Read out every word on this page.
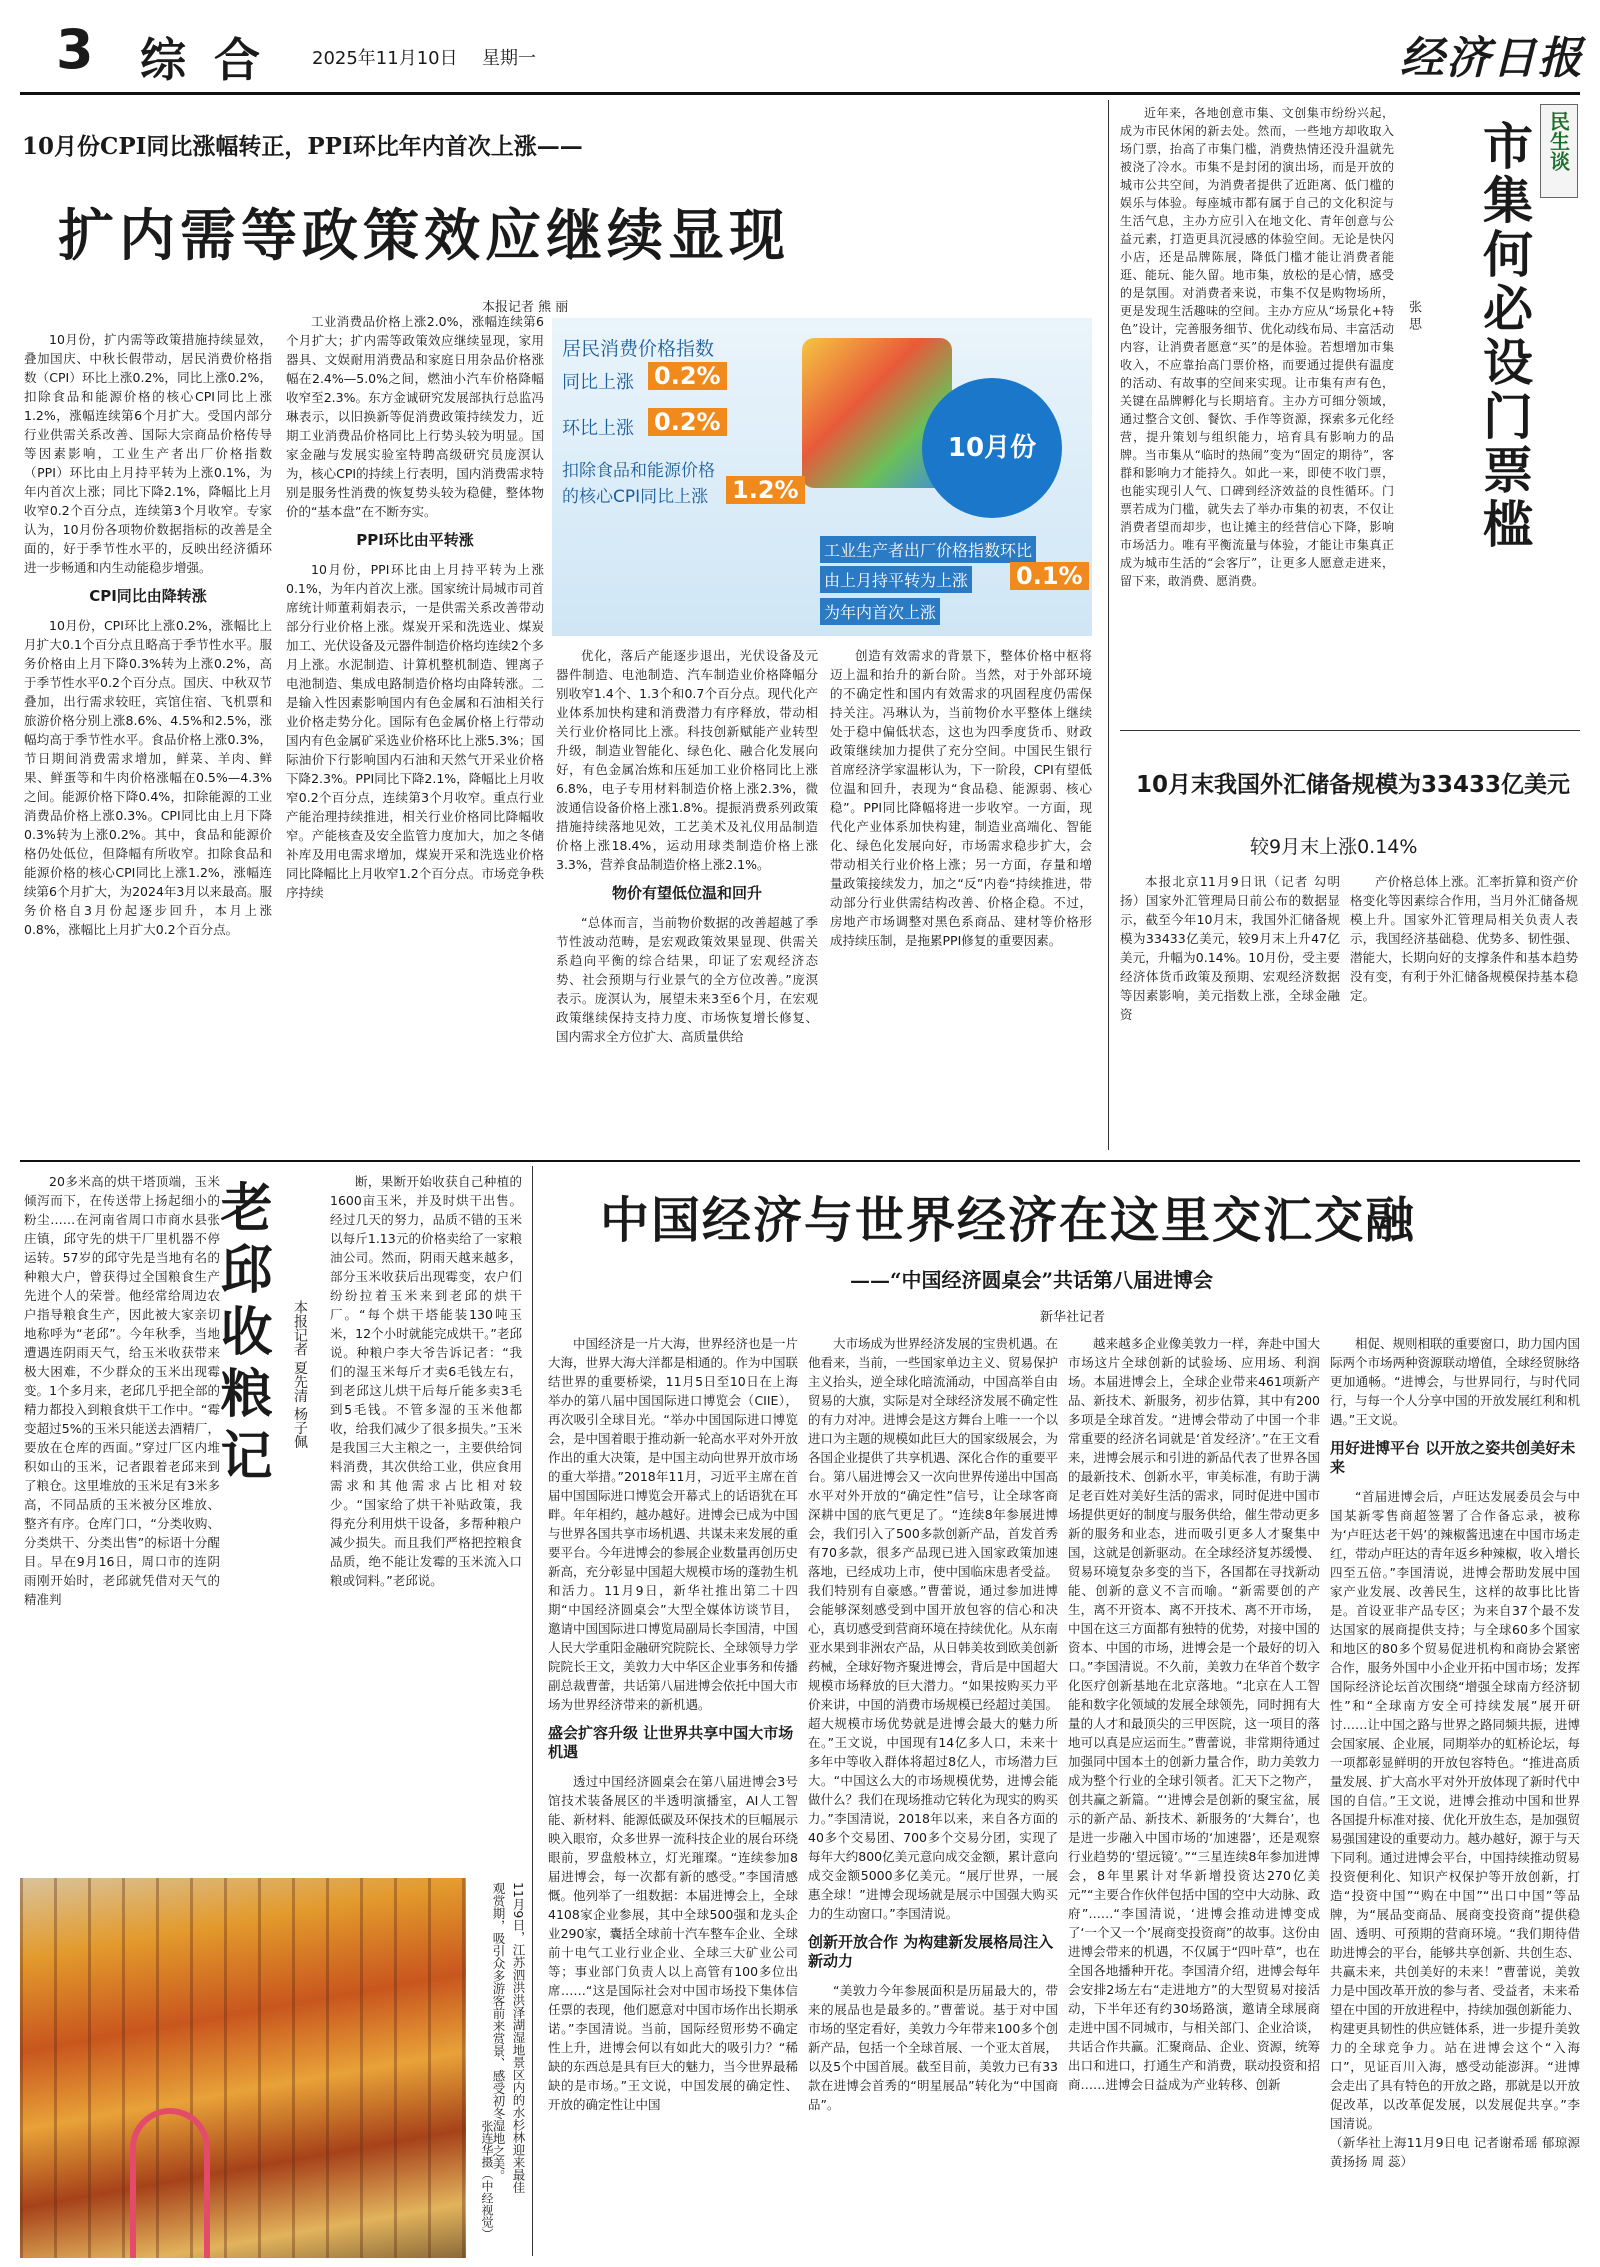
3 综 合	2025年11月10日 星期一	经济日报
10月份CPI同比涨幅转正，PPI环比年内首次上涨——
扩内需等政策效应继续显现
本报记者 熊 丽

10月份，扩内需等政策措施持续显效，叠加国庆、中秋长假带动，居民消费价格指数（CPI）环比上涨0.2%，同比上涨0.2%，扣除食品和能源价格的核心CPI同比上涨1.2%，涨幅连续第6个月扩大。受国内部分行业供需关系改善、国际大宗商品价格传导等因素影响，工业生产者出厂价格指数（PPI）环比由上月持平转为上涨0.1%，为年内首次上涨；同比下降2.1%，降幅比上月收窄0.2个百分点，连续第3个月收窄。专家认为，10月份各项物价数据指标的改善是全面的，好于季节性水平的，反映出经济循环进一步畅通和内生动能稳步增强。

CPI同比由降转涨

10月份，CPI环比上涨0.2%，涨幅比上月扩大0.1个百分点且略高于季节性水平。服务价格由上月下降0.3%转为上涨0.2%，高于季节性水平0.2个百分点。国庆、中秋双节叠加，出行需求较旺，宾馆住宿、飞机票和旅游价格分别上涨8.6%、4.5%和2.5%，涨幅均高于季节性水平。食品价格上涨0.3%，节日期间消费需求增加，鲜菜、羊肉、鲜果、鲜蛋等和牛肉价格涨幅在0.5%—4.3%之间。能源价格下降0.4%，扣除能源的工业消费品价格上涨0.3%。CPI同比由上月下降0.3%转为上涨0.2%。其中，食品和能源价格仍处低位，但降幅有所收窄。扣除食品和能源价格的核心CPI同比上涨1.2%，涨幅连续第6个月扩大，为2024年3月以来最高。服务价格自3月份起逐步回升，本月上涨0.8%，涨幅比上月扩大0.2个百分点。

工业消费品价格上涨2.0%，涨幅连续第6个月扩大；扩内需等政策效应继续显现，家用器具、文娱耐用消费品和家庭日用杂品价格涨幅在2.4%—5.0%之间，燃油小汽车价格降幅收窄至2.3%。东方金诚研究发展部执行总监冯琳表示，以旧换新等促消费政策持续发力，近期工业消费品价格同比上行势头较为明显。国家金融与发展实验室特聘高级研究员庞溟认为，核心CPI的持续上行表明，国内消费需求特别是服务性消费的恢复势头较为稳健，整体物价的“基本盘”在不断夯实。

PPI环比由平转涨

10月份，PPI环比由上月持平转为上涨0.1%，为年内首次上涨。国家统计局城市司首席统计师董莉娟表示，一是供需关系改善带动部分行业价格上涨。煤炭开采和洗选业、煤炭加工、光伏设备及元器件制造价格均连续2个多月上涨。水泥制造、计算机整机制造、锂离子电池制造、集成电路制造价格均由降转涨。二是输入性因素影响国内有色金属和石油相关行业价格走势分化。国际有色金属价格上行带动国内有色金属矿采选业价格环比上涨5.3%；国际油价下行影响国内石油和天然气开采业价格下降2.3%。PPI同比下降2.1%，降幅比上月收窄0.2个百分点，连续第3个月收窄。重点行业产能治理持续推进，相关行业价格同比降幅收窄。产能核查及安全监管力度加大，加之冬储补库及用电需求增加，煤炭开采和洗选业价格同比降幅比上月收窄1.2个百分点。市场竞争秩序持续

10月份
居民消费价格指数
同比上涨 0.2%
环比上涨 0.2%
扣除食品和能源价格
的核心CPI同比上涨 1.2%
工业生产者出厂价格指数环比
由上月持平转为上涨 0.1%
为年内首次上涨

优化，落后产能逐步退出，光伏设备及元器件制造、电池制造、汽车制造业价格降幅分别收窄1.4个、1.3个和0.7个百分点。现代化产业体系加快构建和消费潜力有序释放，带动相关行业价格同比上涨。科技创新赋能产业转型升级，制造业智能化、绿色化、融合化发展向好，有色金属冶炼和压延加工业价格同比上涨6.8%，电子专用材料制造价格上涨2.3%，微波通信设备价格上涨1.8%。提振消费系列政策措施持续落地见效，工艺美术及礼仪用品制造价格上涨18.4%，运动用球类制造价格上涨3.3%，营养食品制造价格上涨2.1%。

物价有望低位温和回升

“总体而言，当前物价数据的改善超越了季节性波动范畴，是宏观政策效果显现、供需关系趋向平衡的综合结果，印证了宏观经济态势、社会预期与行业景气的全方位改善。”庞溟表示。庞溟认为，展望未来3至6个月，在宏观政策继续保持支持力度、市场恢复增长修复、国内需求全方位扩大、高质量供给

创造有效需求的背景下，整体价格中枢将迈上温和抬升的新台阶。当然，对于外部环境的不确定性和国内有效需求的巩固程度仍需保持关注。冯琳认为，当前物价水平整体上继续处于稳中偏低状态，这也为四季度货币、财政政策继续加力提供了充分空间。中国民生银行首席经济学家温彬认为，下一阶段，CPI有望低位温和回升，表现为“食品稳、能源弱、核心稳”。PPI同比降幅将进一步收窄。一方面，现代化产业体系加快构建，制造业高端化、智能化、绿色化发展向好，市场需求稳步扩大，会带动相关行业价格上涨；另一方面，存量和增量政策接续发力，加之“反”内卷“持续推进，带动部分行业供需结构改善、价格企稳。不过，房地产市场调整对黑色系商品、建材等价格形成持续压制，是拖累PPI修复的重要因素。

近年来，各地创意市集、文创集市纷纷兴起，成为市民休闲的新去处。然而，一些地方却收取入场门票，抬高了市集门槛，消费热情还没升温就先被浇了冷水。市集不是封闭的演出场，而是开放的城市公共空间，为消费者提供了近距离、低门槛的娱乐与体验。每座城市都有属于自己的文化积淀与生活气息，主办方应引入在地文化、青年创意与公益元素，打造更具沉浸感的体验空间。无论是快闪小店，还是品牌陈展，降低门槛才能让消费者能逛、能玩、能久留。地市集，放松的是心情，感受的是氛围。对消费者来说，市集不仅是购物场所，更是发现生活趣味的空间。主办方应从“场景化+特色”设计，完善服务细节、优化动线布局、丰富活动内容，让消费者愿意“买”的是体验。若想增加市集收入，不应靠抬高门票价格，而要通过提供有温度的活动、有故事的空间来实现。让市集有声有色，关键在品牌孵化与长期培育。主办方可细分领域，通过整合文创、餐饮、手作等资源，探索多元化经营，提升策划与组织能力，培育具有影响力的品牌。当市集从“临时的热闹”变为“固定的期待”，客群和影响力才能持久。如此一来，即使不收门票，也能实现引人气、口碑到经济效益的良性循环。门票若成为门槛，就失去了举办市集的初衷，不仅让消费者望而却步，也让摊主的经营信心下降，影响市场活力。唯有平衡流量与体验，才能让市集真正成为城市生活的“会客厅”，让更多人愿意走进来，留下来，敢消费、愿消费。

张 思
民生谈
市集何必设门票槛
10月末我国外汇储备规模为33433亿美元
较9月末上涨0.14%

本报北京11月9日讯（记者 勾明扬）国家外汇管理局日前公布的数据显示，截至今年10月末，我国外汇储备规模为33433亿美元，较9月末上升47亿美元，升幅为0.14%。10月份，受主要经济体货币政策及预期、宏观经济数据等因素影响，美元指数上涨，全球金融资

产价格总体上涨。汇率折算和资产价格变化等因素综合作用，当月外汇储备规模上升。国家外汇管理局相关负责人表示，我国经济基础稳、优势多、韧性强、潜能大，长期向好的支撑条件和基本趋势没有变，有利于外汇储备规模保持基本稳定。

20多米高的烘干塔顶端，玉米倾泻而下，在传送带上扬起细小的粉尘……在河南省周口市商水县张庄镇，邱守先的烘干厂里机器不停运转。57岁的邱守先是当地有名的种粮大户，曾获得过全国粮食生产先进个人的荣誉。他经常给周边农户指导粮食生产，因此被大家亲切地称呼为“老邱”。今年秋季，当地遭遇连阴雨天气，给玉米收获带来极大困难，不少群众的玉米出现霉变。1个多月来，老邱几乎把全部的精力都投入到粮食烘干工作中。“霉变超过5%的玉米只能送去酒精厂，要放在仓库的西面。”穿过厂区内堆积如山的玉米，记者跟着老邱来到了粮仓。这里堆放的玉米足有3米多高，不同品质的玉米被分区堆放、整齐有序。仓库门口，“分类收购、分类烘干、分类出售”的标语十分醒目。早在9月16日，周口市的连阴雨刚开始时，老邱就凭借对天气的精准判

老邱收粮记	本报记者 夏先清 杨子佩

断，果断开始收获自己种植的1600亩玉米，并及时烘干出售。经过几天的努力，品质不错的玉米以每斤1.13元的价格卖给了一家粮油公司。然而，阴雨天越来越多，部分玉米收获后出现霉变，农户们纷纷拉着玉米来到老邱的烘干厂。“每个烘干塔能装130吨玉米，12个小时就能完成烘干。”老邱说。种粮户李大爷告诉记者：“我们的湿玉米每斤才卖6毛钱左右，到老邱这儿烘干后每斤能多卖3毛到5毛钱。不管多湿的玉米他都收，给我们减少了很多损失。”玉米是我国三大主粮之一，主要供给饲料消费，其次供给工业，供应食用需求和其他需求占比相对较少。“国家给了烘干补贴政策，我得充分利用烘干设备，多帮种粮户减少损失。而且我们严格把控粮食品质，绝不能让发霉的玉米流入口粮或饲料。”老邱说。

11月9日，江苏泗洪洪泽湖湿地景区内的水杉林迎来最佳观赏期，吸引众多游客前来赏景、感受初冬湿地之美。
张连华摄（中经视觉）
中国经济与世界经济在这里交汇交融
——“中国经济圆桌会”共话第八届进博会
新华社记者

中国经济是一片大海，世界经济也是一片大海，世界大海大洋都是相通的。作为中国联结世界的重要桥梁，11月5日至10日在上海举办的第八届中国国际进口博览会（CIIE），再次吸引全球目光。“举办中国国际进口博览会，是中国着眼于推动新一轮高水平对外开放作出的重大决策，是中国主动向世界开放市场的重大举措。”2018年11月，习近平主席在首届中国国际进口博览会开幕式上的话语犹在耳畔。年年相约，越办越好。进博会已成为中国与世界各国共享市场机遇、共谋未来发展的重要平台。今年进博会的参展企业数量再创历史新高，充分彰显中国超大规模市场的蓬勃生机和活力。11月9日，新华社推出第二十四期“中国经济圆桌会”大型全媒体访谈节目，邀请中国国际进口博览局副局长李国清，中国人民大学重阳金融研究院院长、全球领导力学院院长王文，美敦力大中华区企业事务和传播副总裁曹蕾，共话第八届进博会依托中国大市场为世界经济带来的新机遇。

盛会扩容升级 让世界共享中国大市场机遇

透过中国经济圆桌会在第八届进博会3号馆技术装备展区的半透明演播室，AI人工智能、新材料、能源低碳及环保技术的巨幅展示映入眼帘，众多世界一流科技企业的展台环绕眼前，罗盘般林立，灯光璀璨。“连续参加8届进博会，每一次都有新的感受。”李国清感慨。他列举了一组数据：本届进博会上，全球4108家企业参展，其中全球500强和龙头企业290家，囊括全球前十汽车整车企业、全球前十电气工业行业企业、全球三大矿业公司等；事业部门负责人以上高管有100多位出席……“这是国际社会对中国市场投下集体信任票的表现，他们愿意对中国市场作出长期承诺。”李国清说。当前，国际经贸形势不确定性上升，进博会何以有如此大的吸引力？“稀缺的东西总是具有巨大的魅力，当今世界最稀缺的是市场。”王文说，中国发展的确定性、开放的确定性让中国

大市场成为世界经济发展的宝贵机遇。在他看来，当前，一些国家单边主义、贸易保护主义抬头，逆全球化暗流涌动，中国高举自由贸易的大旗，实际是对全球经济发展不确定性的有力对冲。进博会是这方舞台上唯一一个以进口为主题的规模如此巨大的国家级展会，为各国企业提供了共享机遇、深化合作的重要平台。第八届进博会又一次向世界传递出中国高水平对外开放的“确定性”信号，让全球客商深耕中国的底气更足了。“连续8年参展进博会，我们引入了500多款创新产品，首发首秀有70多款，很多产品现已进入国家政策加速落地，已经成功上市，使中国临床患者受益。我们特别有自豪感。”曹蕾说，通过参加进博会能够深刻感受到中国开放包容的信心和决心，真切感受到营商环境在持续优化。从东南亚水果到非洲农产品，从日韩美妆到欧美创新药械，全球好物齐聚进博会，背后是中国超大规模市场释放的巨大潜力。“如果按购买力平价来讲，中国的消费市场规模已经超过美国。超大规模市场优势就是进博会最大的魅力所在。”王文说，中国现有14亿多人口，未来十多年中等收入群体将超过8亿人，市场潜力巨大。“中国这么大的市场规模优势，进博会能做什么？我们在现场推动它转化为现实的购买力。”李国清说，2018年以来，来自各方面的40多个交易团、700多个交易分团，实现了每年大约800亿美元意向成交金额，累计意向成交金额5000多亿美元。“展厅世界，一展惠全球！”进博会现场就是展示中国强大购买力的生动窗口。”李国清说。

创新开放合作 为构建新发展格局注入新动力

“美敦力今年参展面积是历届最大的，带来的展品也是最多的。”曹蕾说。基于对中国市场的坚定看好，美敦力今年带来100多个创新产品，包括一个全球首展、一个亚太首展，以及5个中国首展。截至目前，美敦力已有33款在进博会首秀的“明星展品”转化为“中国商品”。

越来越多企业像美敦力一样，奔赴中国大市场这片全球创新的试验场、应用场、利润场。本届进博会上，全球企业带来461项新产品、新技术、新服务，初步估算，其中有200多项是全球首发。“进博会带动了中国一个非常重要的经济名词就是‘首发经济’。”在王文看来，进博会展示和引进的新品代表了世界各国的最新技术、创新水平，审美标准，有助于满足老百姓对美好生活的需求，同时促进中国市场提供更好的制度与服务供给，催生带动更多新的服务和业态，进而吸引更多人才聚集中国，这就是创新驱动。在全球经济复苏缓慢、贸易环境复杂多变的当下，各国都在寻找新动能、创新的意义不言而喻。“新需要创的产生，离不开资本、离不开技术、离不开市场，中国在这三方面都有独特的优势，对接中国的资本、中国的市场，进博会是一个最好的切入口。”李国清说。不久前，美敦力在华首个数字化医疗创新基地在北京落地。“北京在人工智能和数字化领域的发展全球领先，同时拥有大量的人才和最顶尖的三甲医院，这一项目的落地可以真是应运而生。”曹蕾说，非常期待通过加强同中国本土的创新力量合作，助力美敦力成为整个行业的全球引领者。汇天下之物产，创共赢之新篇。“‘进博会是创新的聚宝盆，展示的新产品、新技术、新服务的‘大舞台’，也是进一步融入中国市场的‘加速器’，还是观察行业趋势的‘望远镜’。”“三星连续8年参加进博会，8年里累计对华新增投资达270亿美元”“主要合作伙伴包括中国的空中大动脉、政府”……“李国清说，‘进博会推动进博变成了‘一个又一个’展商变投资商”的故事。这份由进博会带来的机遇，不仅属于“四叶草”，也在全国各地播种开花。李国清介绍，进博会每年会安排2场左右“走进地方”的大型贸易对接活动，下半年还有约30场路演，邀请全球展商走进中国不同城市，与相关部门、企业洽谈，共话合作共赢。汇聚商品、企业、资源，统筹出口和进口，打通生产和消费，联动投资和招商……进博会日益成为产业转移、创新

相促、规则相联的重要窗口，助力国内国际两个市场两种资源联动增值，全球经贸脉络更加通畅。“进博会，与世界同行，与时代同行，与每一个人分享中国的开放发展红利和机遇。”王文说。

用好进博平台 以开放之姿共创美好未来

“首届进博会后，卢旺达发展委员会与中国某新零售商超签署了合作备忘录，被称为‘卢旺达老干妈’的辣椒酱迅速在中国市场走红，带动卢旺达的青年返乡种辣椒，收入增长四至五倍。”李国清说，进博会帮助发展中国家产业发展、改善民生，这样的故事比比皆是。首设亚非产品专区；为来自37个最不发达国家的展商提供支持；与全球60多个国家和地区的80多个贸易促进机构和商协会紧密合作，服务外国中小企业开拓中国市场；发挥国际经济论坛首次围绕“增强全球南方经济韧性”和“全球南方安全可持续发展”展开研讨……让中国之路与世界之路同频共振，进博会国家展、企业展，同期举办的虹桥论坛，每一项都彰显鲜明的开放包容特色。“推进高质量发展、扩大高水平对外开放体现了新时代中国的自信。”王文说，进博会推动中国和世界各国提升标准对接、优化开放生态，是加强贸易强国建设的重要动力。越办越好，源于与天下同利。通过进博会平台，中国持续推动贸易投资便利化、知识产权保护等开放创新，打造“投资中国”“购在中国”“出口中国”等品牌，为“展品变商品、展商变投资商”提供稳固、透明、可预期的营商环境。“我们期待借助进博会的平台，能够共享创新、共创生态、共赢未来，共创美好的未来！”曹蕾说，美敦力是中国改革开放的参与者、受益者，未来希望在中国的开放进程中，持续加强创新能力、构建更具韧性的供应链体系，进一步提升美敦力的全球竞争力。站在进博会这个“入海口”，见证百川入海，感受动能澎湃。“进博会走出了具有特色的开放之路，那就是以开放促改革，以改革促发展，以发展促共享。”李国清说。

（新华社上海11月9日电 记者谢希瑶 郁琼源 黄扬扬 周 蕊）
